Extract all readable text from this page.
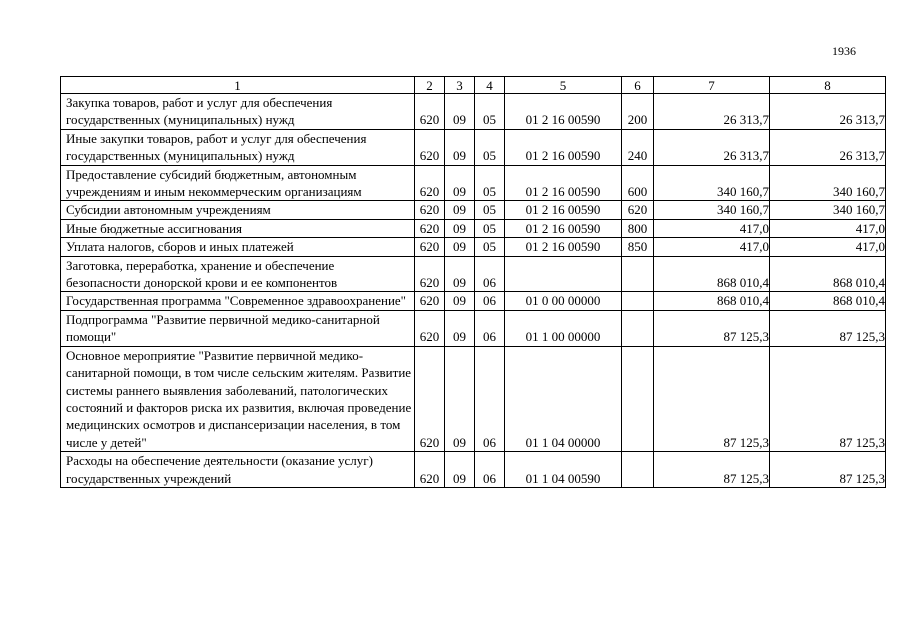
1936
1	2	3	4	5	6	7	8
Закупка товаров, работ и услуг для обеспечения государственных (муниципальных) нужд	620	09	05	01 2 16 00590	200	26 313,7	26 313,7
Иные закупки товаров, работ и услуг для обеспечения государственных (муниципальных) нужд	620	09	05	01 2 16 00590	240	26 313,7	26 313,7
Предоставление субсидий бюджетным, автономным учреждениям и иным некоммерческим организациям	620	09	05	01 2 16 00590	600	340 160,7	340 160,7
Субсидии автономным учреждениям	620	09	05	01 2 16 00590	620	340 160,7	340 160,7
Иные бюджетные ассигнования	620	09	05	01 2 16 00590	800	417,0	417,0
Уплата налогов, сборов и иных платежей	620	09	05	01 2 16 00590	850	417,0	417,0
Заготовка, переработка, хранение и обеспечение безопасности донорской крови и ее компонентов	620	09	06			868 010,4	868 010,4
Государственная программа "Современное здравоохранение"	620	09	06	01 0 00 00000		868 010,4	868 010,4
Подпрограмма "Развитие первичной медико-санитарной помощи"	620	09	06	01 1 00 00000		87 125,3	87 125,3
Основное мероприятие "Развитие первичной медико-санитарной помощи, в том числе сельским жителям. Развитие системы раннего выявления заболеваний, патологических состояний и факторов риска их развития, включая проведение медицинских осмотров и диспансеризации населения, в том числе у детей"	620	09	06	01 1 04 00000		87 125,3	87 125,3
Расходы на обеспечение деятельности (оказание услуг) государственных учреждений	620	09	06	01 1 04 00590		87 125,3	87 125,3
